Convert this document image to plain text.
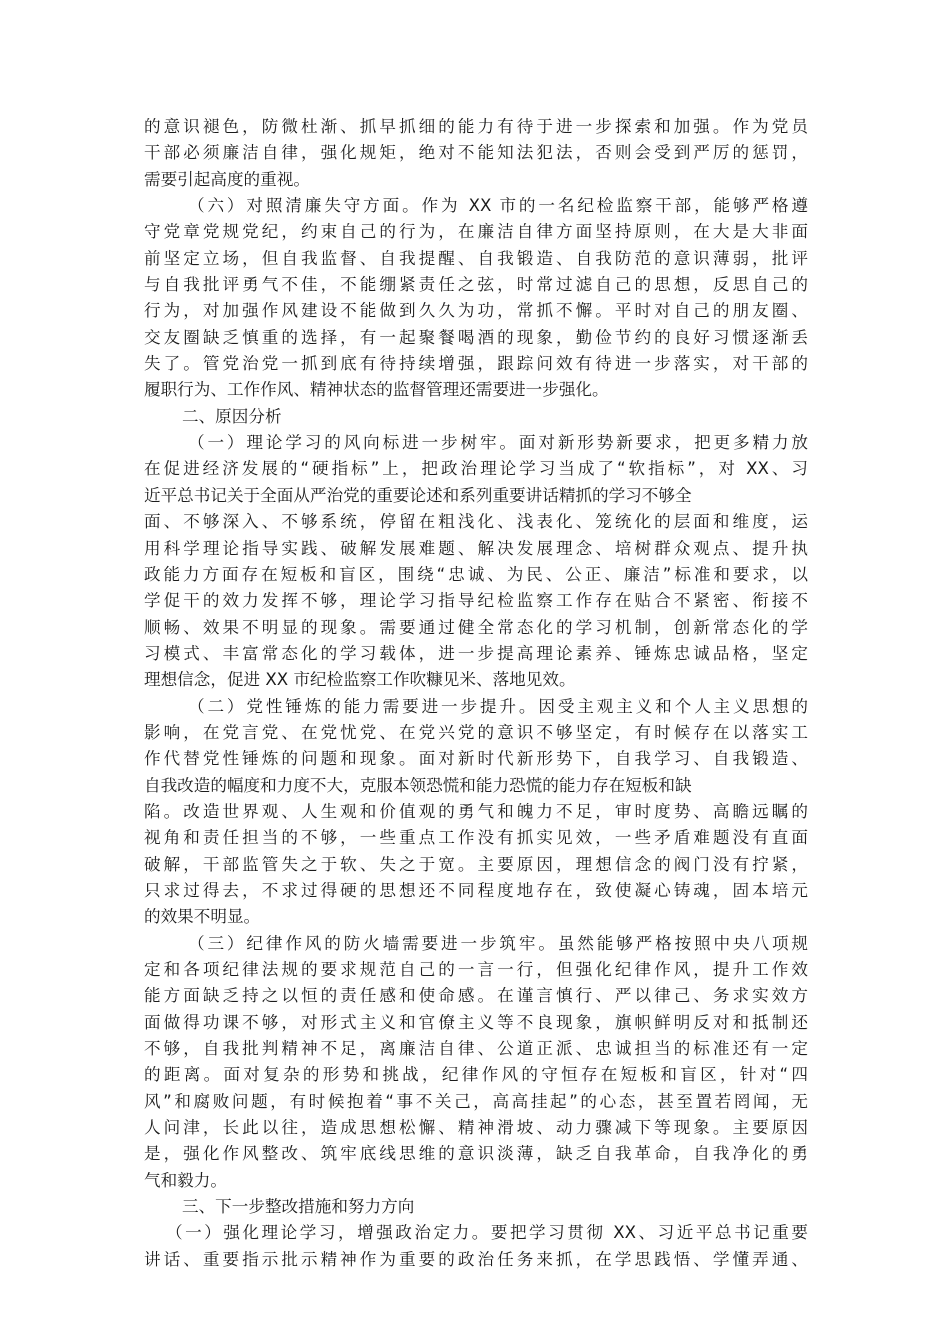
的意识褪色，防微杜渐、抓早抓细的能力有待于进一步探索和加强。作为党员
干部必须廉洁自律，强化规矩，绝对不能知法犯法，否则会受到严厉的惩罚，
需要引起高度的重视。
（六）对照清廉失守方面。作为 XX 市的一名纪检监察干部，能够严格遵
守党章党规党纪，约束自己的行为，在廉洁自律方面坚持原则，在大是大非面
前坚定立场，但自我监督、自我提醒、自我锻造、自我防范的意识薄弱，批评
与自我批评勇气不佳，不能绷紧责任之弦，时常过滤自己的思想，反思自己的
行为，对加强作风建设不能做到久久为功，常抓不懈。平时对自己的朋友圈、
交友圈缺乏慎重的选择，有一起聚餐喝酒的现象，勤俭节约的良好习惯逐渐丢
失了。管党治党一抓到底有待持续增强，跟踪问效有待进一步落实，对干部的
履职行为、工作作风、精神状态的监督管理还需要进一步强化。
二、原因分析
（一）理论学习的风向标进一步树牢。面对新形势新要求，把更多精力放
在促进经济发展的“硬指标”上，把政治理论学习当成了“软指标”，对 XX、习
近平总书记关于全面从严治党的重要论述和系列重要讲话精抓的学习不够全
面、不够深入、不够系统，停留在粗浅化、浅表化、笼统化的层面和维度，运
用科学理论指导实践、破解发展难题、解决发展理念、培树群众观点、提升执
政能力方面存在短板和盲区，围绕“忠诚、为民、公正、廉洁”标准和要求，以
学促干的效力发挥不够，理论学习指导纪检监察工作存在贴合不紧密、衔接不
顺畅、效果不明显的现象。需要通过健全常态化的学习机制，创新常态化的学
习模式、丰富常态化的学习载体，进一步提高理论素养、锤炼忠诚品格，坚定
理想信念，促进 XX 市纪检监察工作吹糠见米、落地见效。
（二）党性锤炼的能力需要进一步提升。因受主观主义和个人主义思想的
影响，在党言党、在党忧党、在党兴党的意识不够坚定，有时候存在以落实工
作代替党性锤炼的问题和现象。面对新时代新形势下，自我学习、自我锻造、
自我改造的幅度和力度不大，克服本领恐慌和能力恐慌的能力存在短板和缺
陷。改造世界观、人生观和价值观的勇气和魄力不足，审时度势、高瞻远瞩的
视角和责任担当的不够，一些重点工作没有抓实见效，一些矛盾难题没有直面
破解，干部监管失之于软、失之于宽。主要原因，理想信念的阀门没有拧紧，
只求过得去，不求过得硬的思想还不同程度地存在，致使凝心铸魂，固本培元
的效果不明显。
（三）纪律作风的防火墙需要进一步筑牢。虽然能够严格按照中央八项规
定和各项纪律法规的要求规范自己的一言一行，但强化纪律作风，提升工作效
能方面缺乏持之以恒的责任感和使命感。在谨言慎行、严以律己、务求实效方
面做得功课不够，对形式主义和官僚主义等不良现象，旗帜鲜明反对和抵制还
不够，自我批判精神不足，离廉洁自律、公道正派、忠诚担当的标准还有一定
的距离。面对复杂的形势和挑战，纪律作风的守恒存在短板和盲区，针对“四
风”和腐败问题，有时候抱着“事不关己，高高挂起”的心态，甚至置若罔闻，无
人问津，长此以往，造成思想松懈、精神滑坡、动力骤减下等现象。主要原因
是，强化作风整改、筑牢底线思维的意识淡薄，缺乏自我革命，自我净化的勇
气和毅力。
三、下一步整改措施和努力方向
（一）强化理论学习，增强政治定力。要把学习贯彻 XX、习近平总书记重要
讲话、重要指示批示精神作为重要的政治任务来抓，在学思践悟、学懂弄通、
